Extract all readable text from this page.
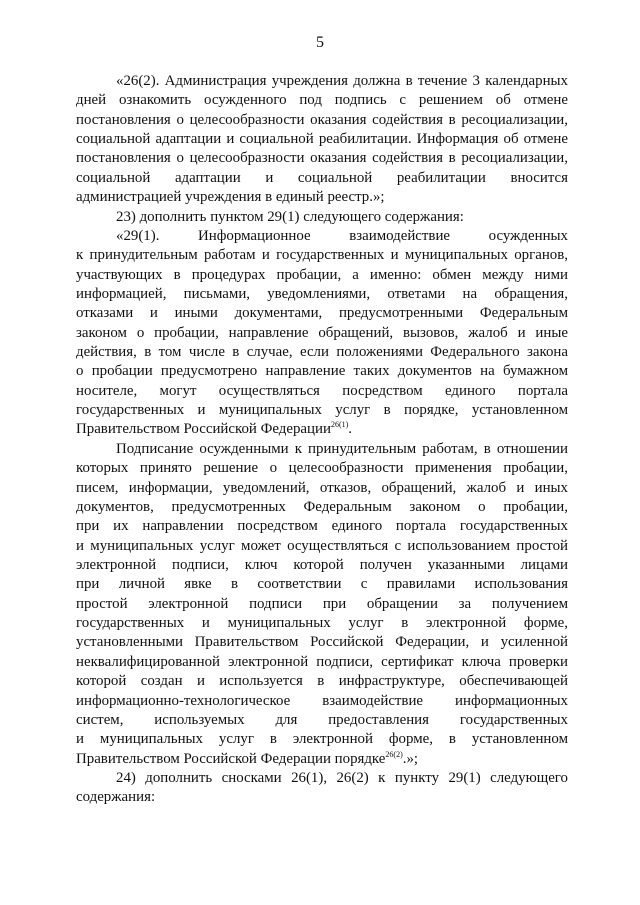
5
«26(2). Администрация учреждения должна в течение 3 календарных
дней ознакомить осужденного под подпись с решением об отмене
постановления о целесообразности оказания содействия в ресоциализации,
социальной адаптации и социальной реабилитации. Информация об отмене
постановления о целесообразности оказания содействия в ресоциализации,
социальной адаптации и социальной реабилитации вносится
администрацией учреждения в единый реестр.»;
23) дополнить пунктом 29(1) следующего содержания:
«29(1). Информационное взаимодействие осужденных
к принудительным работам и государственных и муниципальных органов,
участвующих в процедурах пробации, а именно: обмен между ними
информацией, письмами, уведомлениями, ответами на обращения,
отказами и иными документами, предусмотренными Федеральным
законом о пробации, направление обращений, вызовов, жалоб и иные
действия, в том числе в случае, если положениями Федерального закона
о пробации предусмотрено направление таких документов на бумажном
носителе, могут осуществляться посредством единого портала
государственных и муниципальных услуг в порядке, установленном
Правительством Российской Федерации$^{26(1)}$.
Подписание осужденными к принудительным работам, в отношении
которых принято решение о целесообразности применения пробации,
писем, информации, уведомлений, отказов, обращений, жалоб и иных
документов, предусмотренных Федеральным законом о пробации,
при их направлении посредством единого портала государственных
и муниципальных услуг может осуществляться с использованием простой
электронной подписи, ключ которой получен указанными лицами
при личной явке в соответствии с правилами использования
простой электронной подписи при обращении за получением
государственных и муниципальных услуг в электронной форме,
установленными Правительством Российской Федерации, и усиленной
неквалифицированной электронной подписи, сертификат ключа проверки
которой создан и используется в инфраструктуре, обеспечивающей
информационно-технологическое взаимодействие информационных
систем, используемых для предоставления государственных
и муниципальных услуг в электронной форме, в установленном
Правительством Российской Федерации порядке$^{26(2)}$.»;
24) дополнить сносками 26(1), 26(2) к пункту 29(1) следующего
содержания:
